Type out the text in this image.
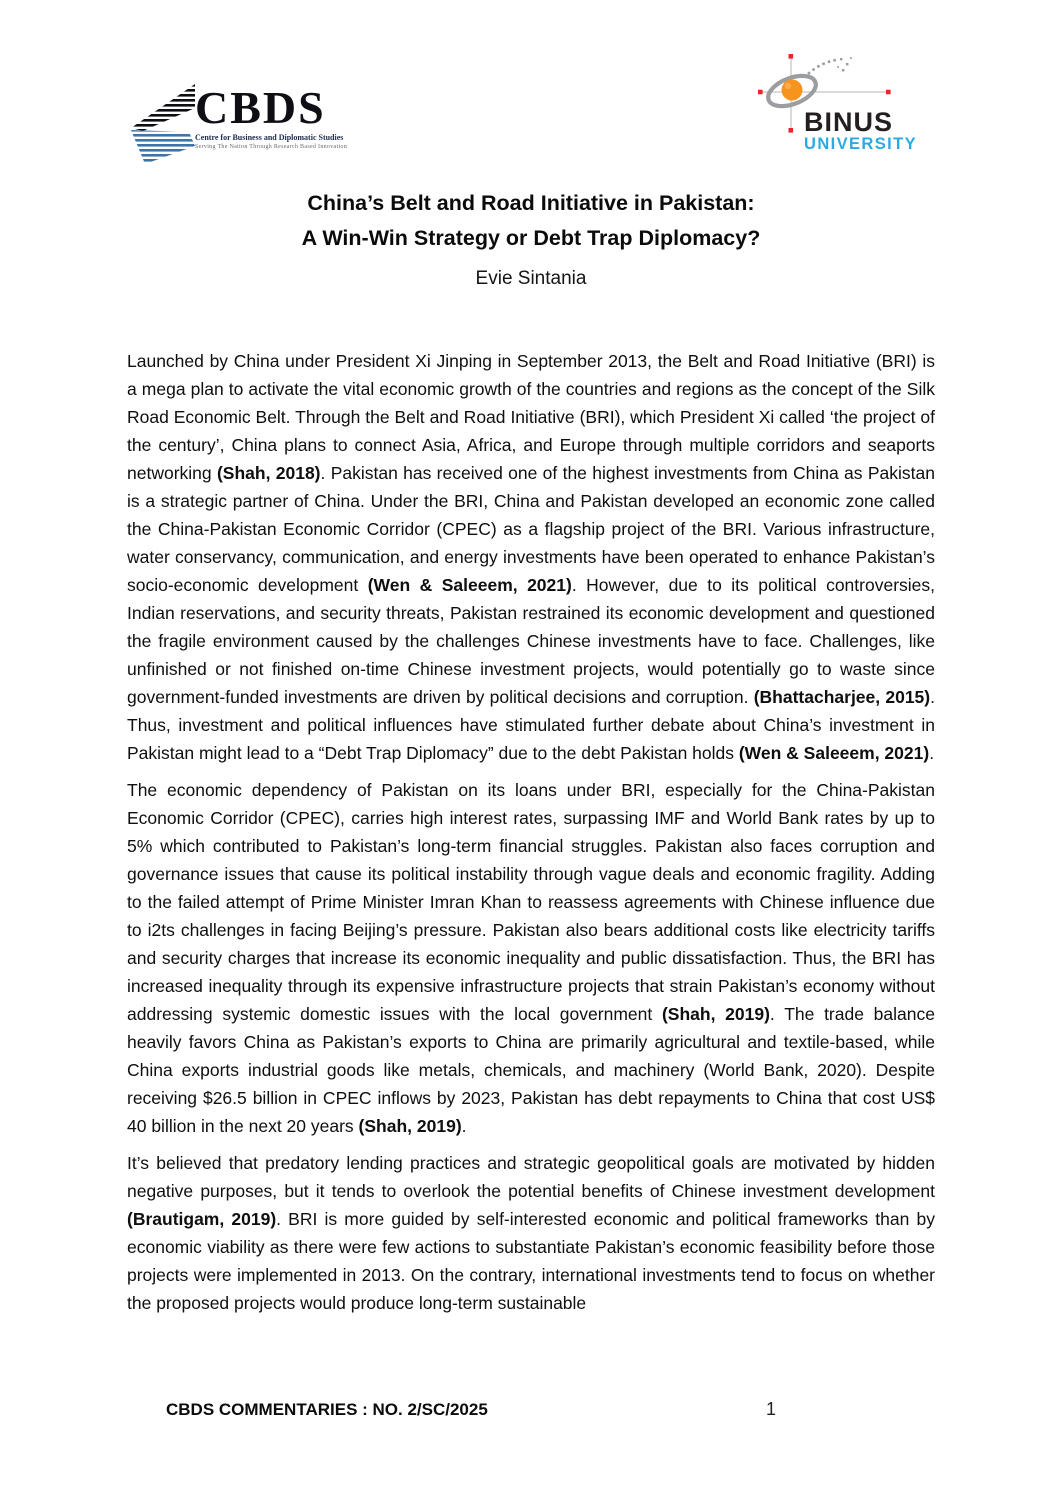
CBDS
Centre for Business and Diplomatic Studies
Serving The Nation Through Research Based Innovation
BINUS
UNIVERSITY
China’s Belt and Road Initiative in Pakistan:
A Win-Win Strategy or Debt Trap Diplomacy?
Evie Sintania

Launched by China under President Xi Jinping in September 2013, the Belt and Road Initiative (BRI) is a mega plan to activate the vital economic growth of the countries and regions as the concept of the Silk Road Economic Belt. Through the Belt and Road Initiative (BRI), which President Xi called ‘the project of the century’, China plans to connect Asia, Africa, and Europe through multiple corridors and seaports networking (Shah, 2018). Pakistan has received one of the highest investments from China as Pakistan is a strategic partner of China. Under the BRI, China and Pakistan developed an economic zone called the China-Pakistan Economic Corridor (CPEC) as a flagship project of the BRI. Various infrastructure, water conservancy, communication, and energy investments have been operated to enhance Pakistan’s socio-economic development (Wen & Saleeem, 2021). However, due to its political controversies, Indian reservations, and security threats, Pakistan restrained its economic development and questioned the fragile environment caused by the challenges Chinese investments have to face. Challenges, like unfinished or not finished on-time Chinese investment projects, would potentially go to waste since government-funded investments are driven by political decisions and corruption. (Bhattacharjee, 2015). Thus, investment and political influences have stimulated further debate about China’s investment in Pakistan might lead to a “Debt Trap Diplomacy” due to the debt Pakistan holds (Wen & Saleeem, 2021).

The economic dependency of Pakistan on its loans under BRI, especially for the China-Pakistan Economic Corridor (CPEC), carries high interest rates, surpassing IMF and World Bank rates by up to 5% which contributed to Pakistan’s long-term financial struggles. Pakistan also faces corruption and governance issues that cause its political instability through vague deals and economic fragility. Adding to the failed attempt of Prime Minister Imran Khan to reassess agreements with Chinese influence due to i2ts challenges in facing Beijing’s pressure. Pakistan also bears additional costs like electricity tariffs and security charges that increase its economic inequality and public dissatisfaction. Thus, the BRI has increased inequality through its expensive infrastructure projects that strain Pakistan’s economy without addressing systemic domestic issues with the local government (Shah, 2019). The trade balance heavily favors China as Pakistan’s exports to China are primarily agricultural and textile-based, while China exports industrial goods like metals, chemicals, and machinery (World Bank, 2020). Despite receiving $26.5 billion in CPEC inflows by 2023, Pakistan has debt repayments to China that cost US$ 40 billion in the next 20 years (Shah, 2019).

It’s believed that predatory lending practices and strategic geopolitical goals are motivated by hidden negative purposes, but it tends to overlook the potential benefits of Chinese investment development (Brautigam, 2019). BRI is more guided by self-interested economic and political frameworks than by economic viability as there were few actions to substantiate Pakistan’s economic feasibility before those projects were implemented in 2013. On the contrary, international investments tend to focus on whether the proposed projects would produce long-term sustainable

CBDS COMMENTARIES : NO. 2/SC/2025	1
